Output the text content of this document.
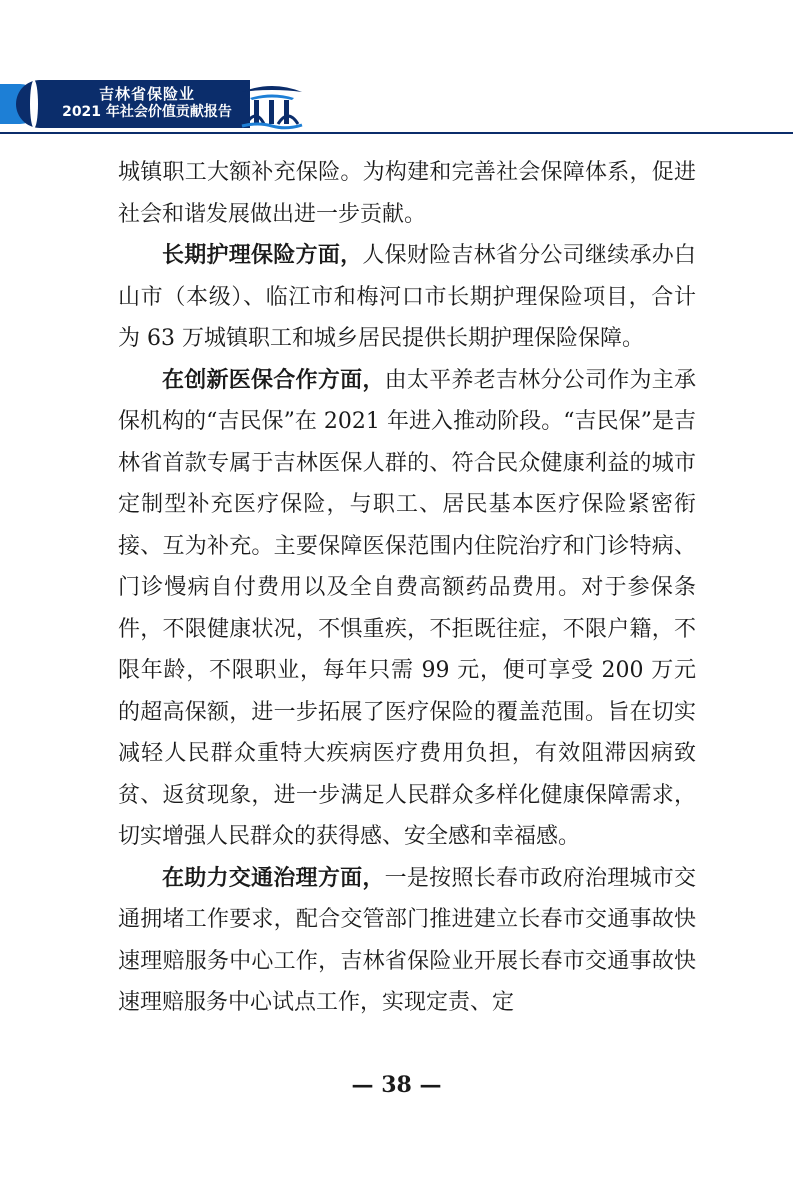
吉林省保险业
2021 年社会价值贡献报告

城镇职工大额补充保险。为构建和完善社会保障体系，促进社会和谐发展做出进一步贡献。

长期护理保险方面，人保财险吉林省分公司继续承办白山市（本级）、临江市和梅河口市长期护理保险项目，合计为 63 万城镇职工和城乡居民提供长期护理保险保障。

在创新医保合作方面，由太平养老吉林分公司作为主承保机构的“吉民保”在 2021 年进入推动阶段。“吉民保”是吉林省首款专属于吉林医保人群的、符合民众健康利益的城市定制型补充医疗保险，与职工、居民基本医疗保险紧密衔接、互为补充。主要保障医保范围内住院治疗和门诊特病、门诊慢病自付费用以及全自费高额药品费用。对于参保条件，不限健康状况，不惧重疾，不拒既往症，不限户籍，不限年龄，不限职业，每年只需 99 元，便可享受 200 万元的超高保额，进一步拓展了医疗保险的覆盖范围。旨在切实减轻人民群众重特大疾病医疗费用负担，有效阻滞因病致贫、返贫现象，进一步满足人民群众多样化健康保障需求，切实增强人民群众的获得感、安全感和幸福感。

在助力交通治理方面，一是按照长春市政府治理城市交通拥堵工作要求，配合交管部门推进建立长春市交通事故快速理赔服务中心工作，吉林省保险业开展长春市交通事故快速理赔服务中心试点工作，实现定责、定

— 38 —
